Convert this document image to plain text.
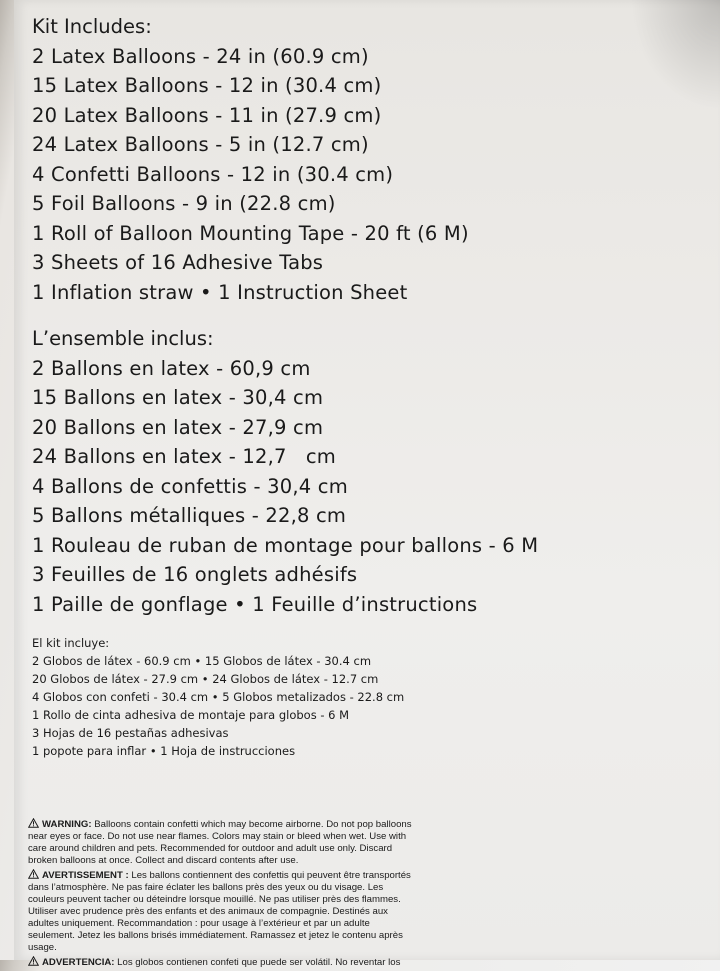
Kit Includes:
2 Latex Balloons - 24 in (60.9 cm)
15 Latex Balloons - 12 in (30.4 cm)
20 Latex Balloons - 11 in (27.9 cm)
24 Latex Balloons - 5 in (12.7 cm)
4 Confetti Balloons - 12 in (30.4 cm)
5 Foil Balloons - 9 in (22.8 cm)
1 Roll of Balloon Mounting Tape - 20 ft (6 M)
3 Sheets of 16 Adhesive Tabs
1 Inflation straw • 1 Instruction Sheet
L’ensemble inclus:
2 Ballons en latex - 60,9 cm
15 Ballons en latex - 30,4 cm
20 Ballons en latex - 27,9 cm
24 Ballons en latex - 12,7   cm
4 Ballons de confettis - 30,4 cm
5 Ballons métalliques - 22,8 cm
1 Rouleau de ruban de montage pour ballons - 6 M
3 Feuilles de 16 onglets adhésifs
1 Paille de gonflage • 1 Feuille d’instructions
El kit incluye:
2 Globos de látex - 60.9 cm • 15 Globos de látex - 30.4 cm
20 Globos de látex - 27.9 cm • 24 Globos de látex - 12.7 cm
4 Globos con confeti - 30.4 cm • 5 Globos metalizados - 22.8 cm
1 Rollo de cinta adhesiva de montaje para globos - 6 M
3 Hojas de 16 pestañas adhesivas
1 popote para inflar • 1 Hoja de instrucciones
WARNING: Balloons contain confetti which may become airborne. Do not pop balloons near eyes or face. Do not use near flames. Colors may stain or bleed when wet. Use with care around children and pets. Recommended for outdoor and adult use only. Discard broken balloons at once. Collect and discard contents after use.
AVERTISSEMENT : Les ballons contiennent des confettis qui peuvent être transportés dans l’atmosphère. Ne pas faire éclater les ballons près des yeux ou du visage. Les couleurs peuvent tacher ou déteindre lorsque mouillé. Ne pas utiliser près des flammes. Utiliser avec prudence près des enfants et des animaux de compagnie. Destinés aux adultes uniquement. Recommandation : pour usage à l’extérieur et par un adulte seulement. Jetez les ballons brisés immédiatement. Ramassez et jetez le contenu après usage.
ADVERTENCIA: Los globos contienen confeti que puede ser volátil. No reventar los
